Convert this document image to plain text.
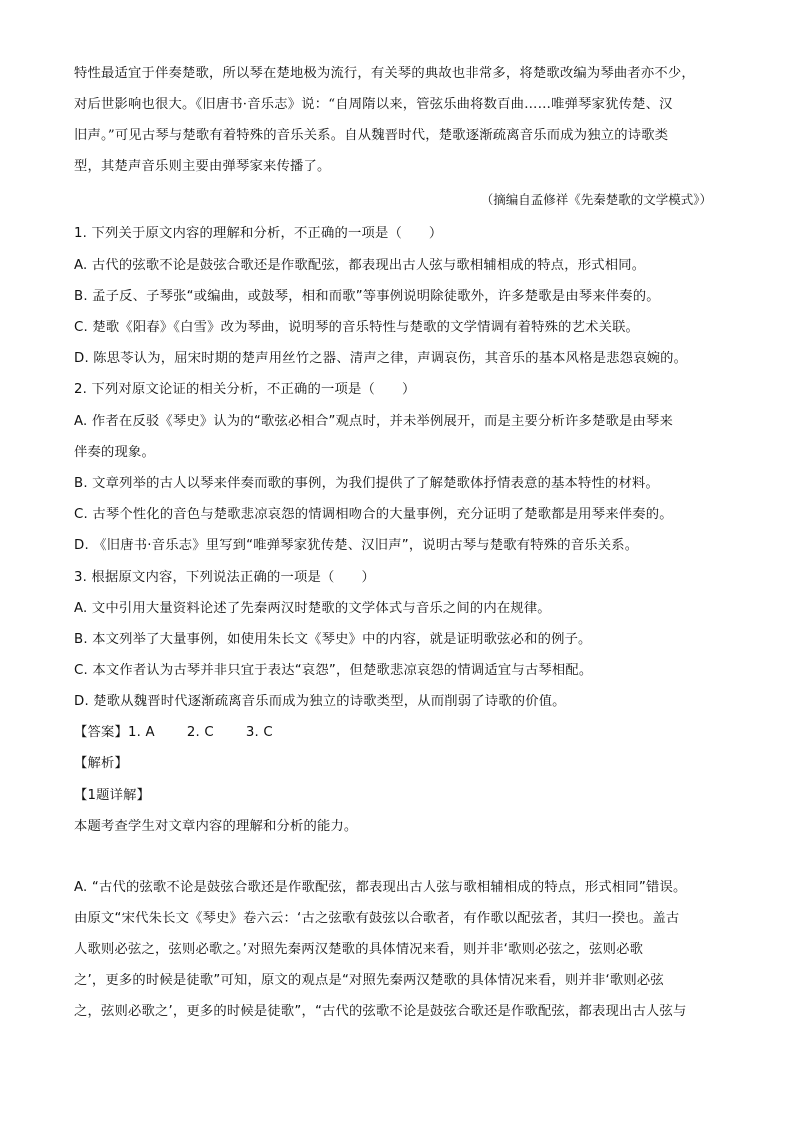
特性最适宜于伴奏楚歌，所以琴在楚地极为流行，有关琴的典故也非常多，将楚歌改编为琴曲者亦不少，
对后世影响也很大。《旧唐书·音乐志》说：“自周隋以来，管弦乐曲将数百曲……唯弹琴家犹传楚、汉
旧声。”可见古琴与楚歌有着特殊的音乐关系。自从魏晋时代，楚歌逐渐疏离音乐而成为独立的诗歌类
型，其楚声音乐则主要由弹琴家来传播了。
（摘编自孟修祥《先秦楚歌的文学模式》）
1. 下列关于原文内容的理解和分析，不正确的一项是（　　）
A. 古代的弦歌不论是鼓弦合歌还是作歌配弦，都表现出古人弦与歌相辅相成的特点，形式相同。
B. 孟子反、子琴张“或编曲，或鼓琴，相和而歌”等事例说明除徒歌外，许多楚歌是由琴来伴奏的。
C. 楚歌《阳春》《白雪》改为琴曲，说明琴的音乐特性与楚歌的文学情调有着特殊的艺术关联。
D. 陈思苓认为，屈宋时期的楚声用丝竹之器、清声之律，声调哀伤，其音乐的基本风格是悲怨哀婉的。
2. 下列对原文论证的相关分析，不正确的一项是（　　）
A. 作者在反驳《琴史》认为的“歌弦必相合”观点时，并未举例展开，而是主要分析许多楚歌是由琴来
伴奏的现象。
B. 文章列举的古人以琴来伴奏而歌的事例，为我们提供了了解楚歌体抒情表意的基本特性的材料。
C. 古琴个性化的音色与楚歌悲凉哀怨的情调相吻合的大量事例，充分证明了楚歌都是用琴来伴奏的。
D. 《旧唐书·音乐志》里写到“唯弹琴家犹传楚、汉旧声”，说明古琴与楚歌有特殊的音乐关系。
3. 根据原文内容，下列说法正确的一项是（　　）
A. 文中引用大量资料论述了先秦两汉时楚歌的文学体式与音乐之间的内在规律。
B. 本文列举了大量事例，如使用朱长文《琴史》中的内容，就是证明歌弦必和的例子。
C. 本文作者认为古琴并非只宜于表达“哀怨”，但楚歌悲凉哀怨的情调适宜与古琴相配。
D. 楚歌从魏晋时代逐渐疏离音乐而成为独立的诗歌类型，从而削弱了诗歌的价值。
【答案】1. A 2. C 3. C
【解析】
【1题详解】
本题考查学生对文章内容的理解和分析的能力。
A. “古代的弦歌不论是鼓弦合歌还是作歌配弦，都表现出古人弦与歌相辅相成的特点，形式相同”错误。
由原文“宋代朱长文《琴史》卷六云：‘古之弦歌有鼓弦以合歌者，有作歌以配弦者，其归一揆也。盖古
人歌则必弦之，弦则必歌之。’对照先秦两汉楚歌的具体情况来看，则并非‘歌则必弦之，弦则必歌
之’，更多的时候是徒歌”可知，原文的观点是“对照先秦两汉楚歌的具体情况来看，则并非‘歌则必弦
之，弦则必歌之’，更多的时候是徒歌”，“古代的弦歌不论是鼓弦合歌还是作歌配弦，都表现出古人弦与
